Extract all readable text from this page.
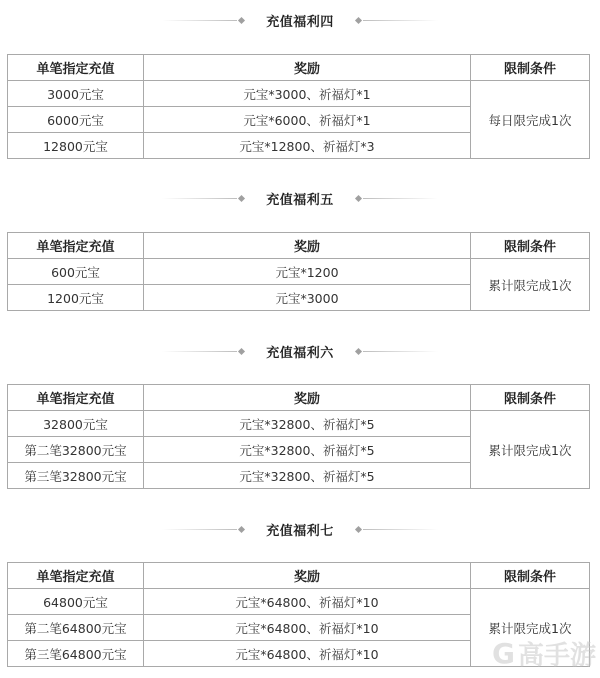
充值福利四
单笔指定充值	奖励	限制条件
3000元宝	元宝*3000、祈福灯*1	每日限完成1次
6000元宝	元宝*6000、祈福灯*1	
12800元宝	元宝*12800、祈福灯*3	
充值福利五
单笔指定充值	奖励	限制条件
600元宝	元宝*1200	累计限完成1次
1200元宝	元宝*3000	
充值福利六
单笔指定充值	奖励	限制条件
32800元宝	元宝*32800、祈福灯*5	累计限完成1次
第二笔32800元宝	元宝*32800、祈福灯*5	
第三笔32800元宝	元宝*32800、祈福灯*5	
充值福利七
单笔指定充值	奖励	限制条件
64800元宝	元宝*64800、祈福灯*10	累计限完成1次
第二笔64800元宝	元宝*64800、祈福灯*10	
第三笔64800元宝	元宝*64800、祈福灯*10		G 高手游
